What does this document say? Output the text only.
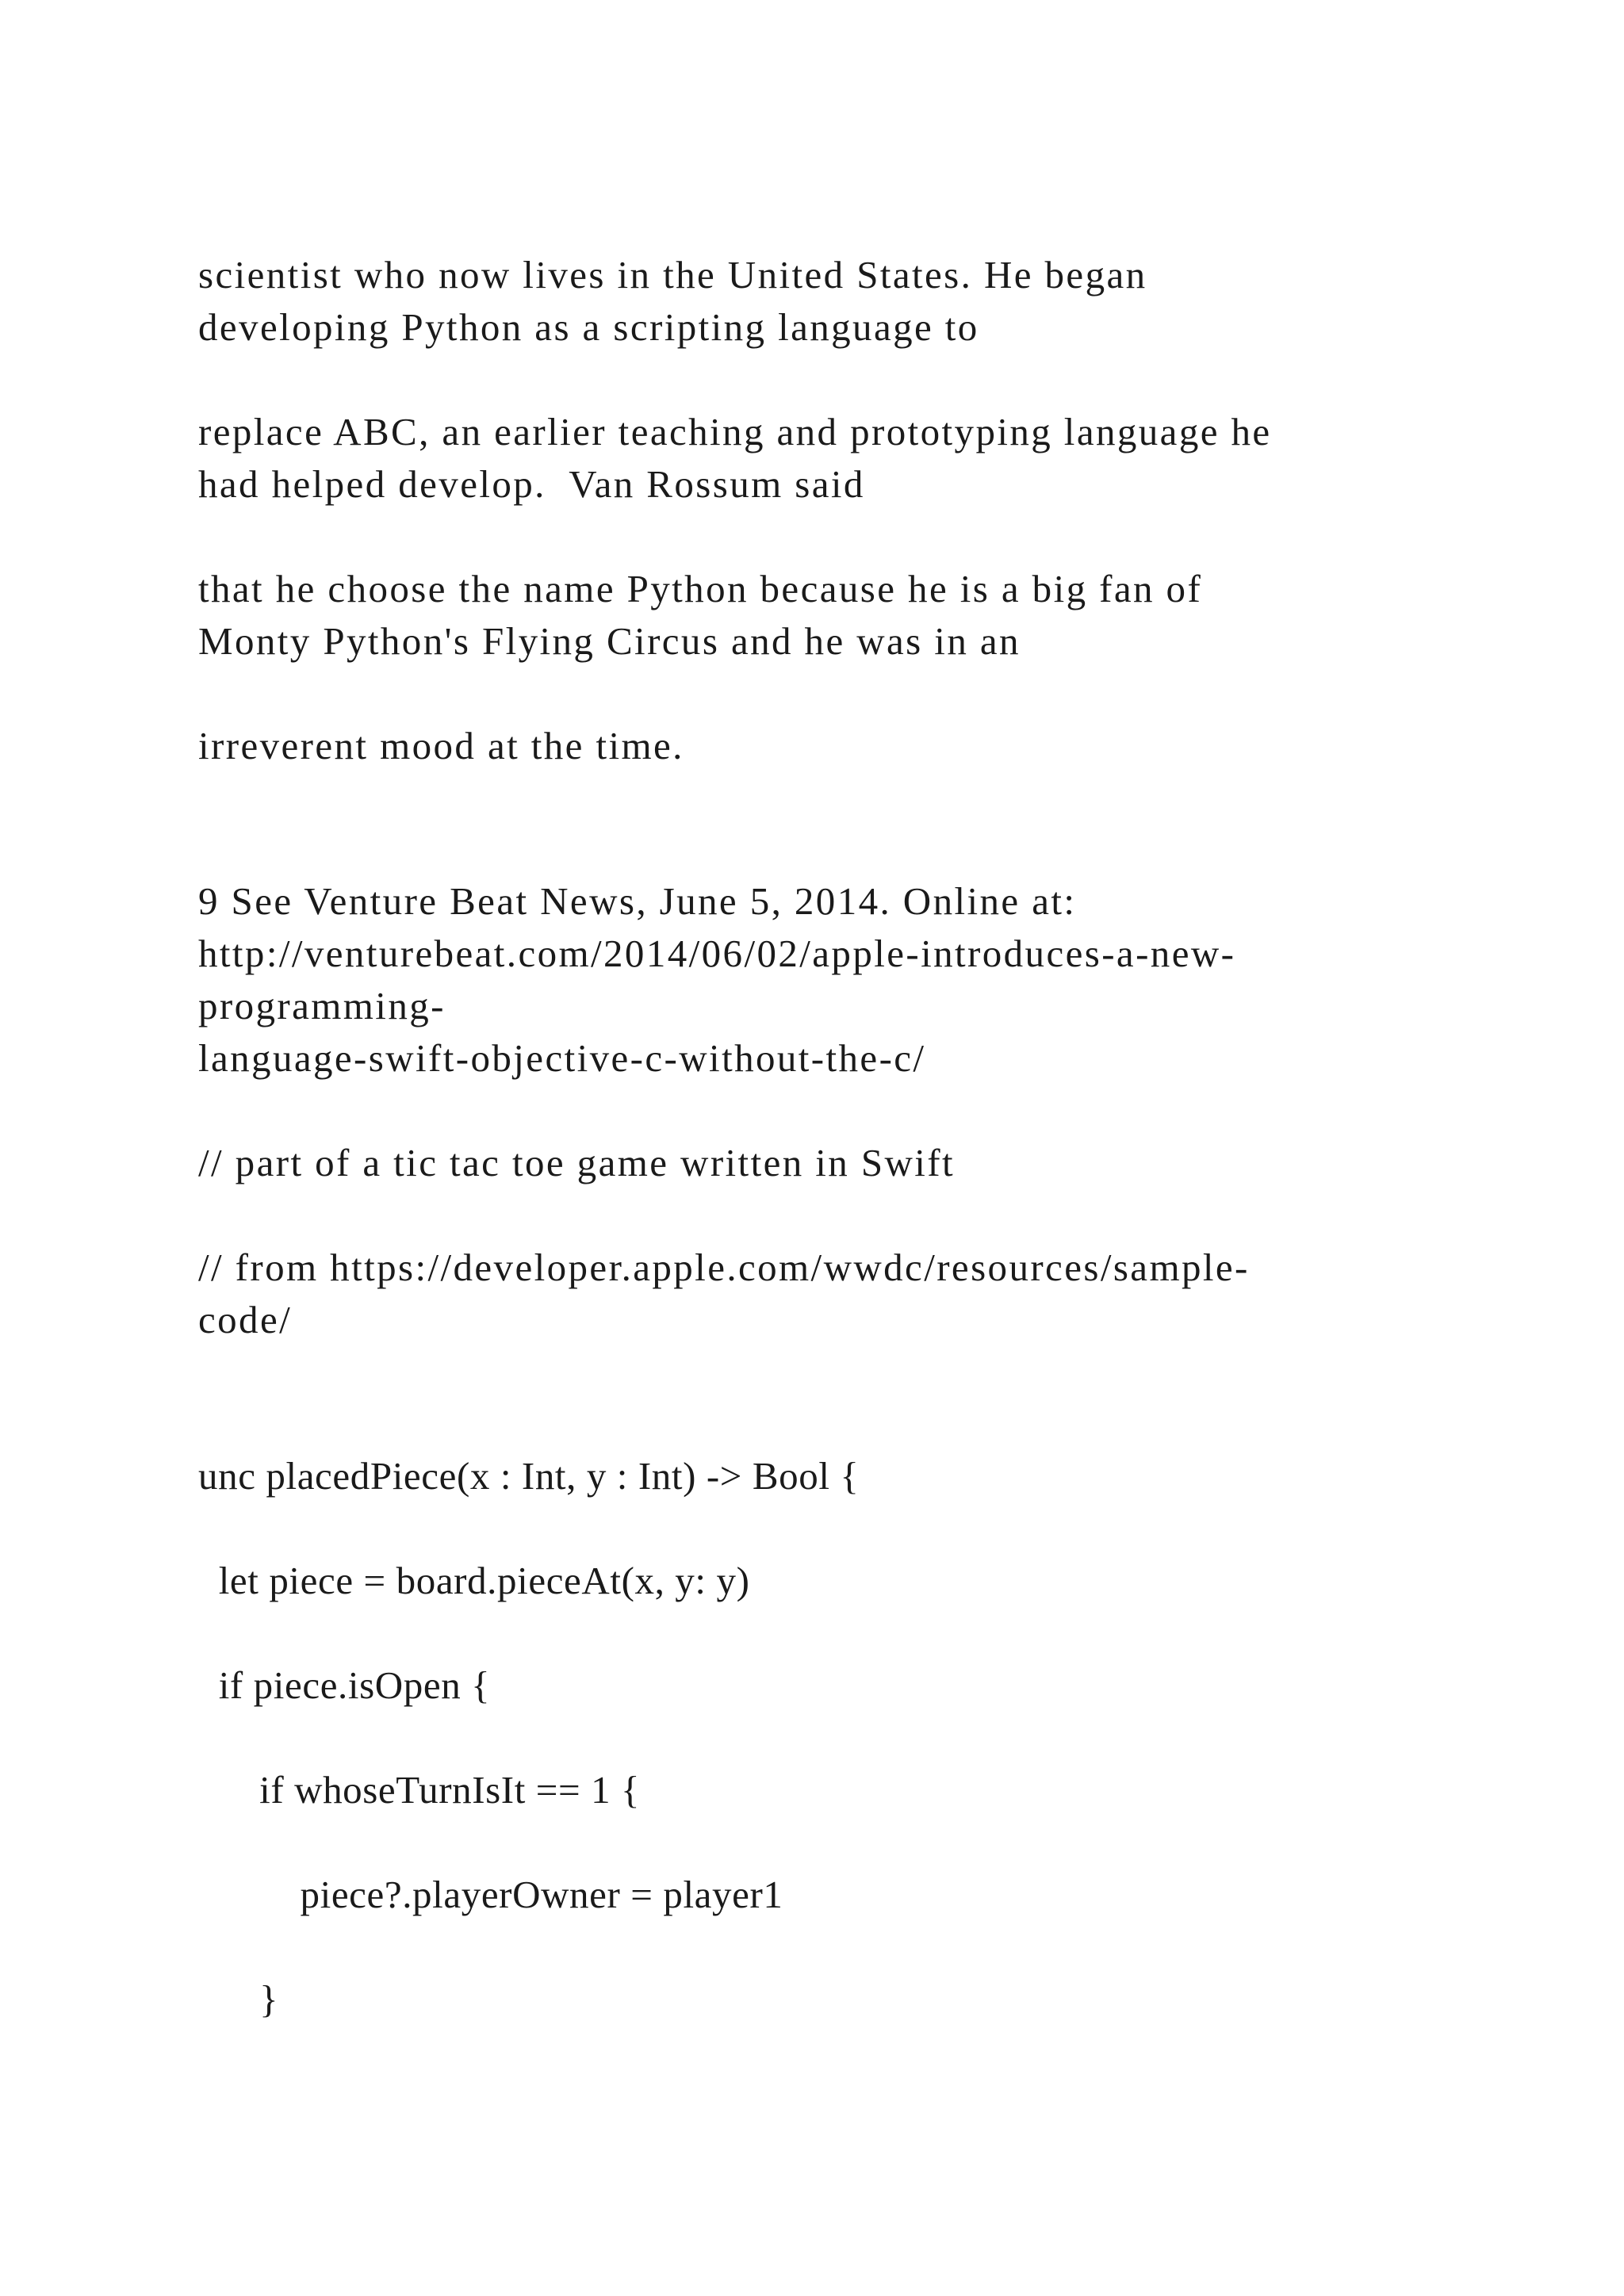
scientist who now lives in the United States. He began
developing Python as a scripting language to
replace ABC, an earlier teaching and prototyping language he
had helped develop.  Van Rossum said
that he choose the name Python because he is a big fan of
Monty Python's Flying Circus and he was in an
irreverent mood at the time.
9 See Venture Beat News, June 5, 2014. Online at:
http://venturebeat.com/2014/06/02/apple-introduces-a-new-
programming-
language-swift-objective-c-without-the-c/
// part of a tic tac toe game written in Swift
// from https://developer.apple.com/wwdc/resources/sample-
code/
unc placedPiece(x : Int, y : Int) -> Bool {
let piece = board.pieceAt(x, y: y)
if piece.isOpen {
if whoseTurnIsIt == 1 {
piece?.playerOwner = player1
}
